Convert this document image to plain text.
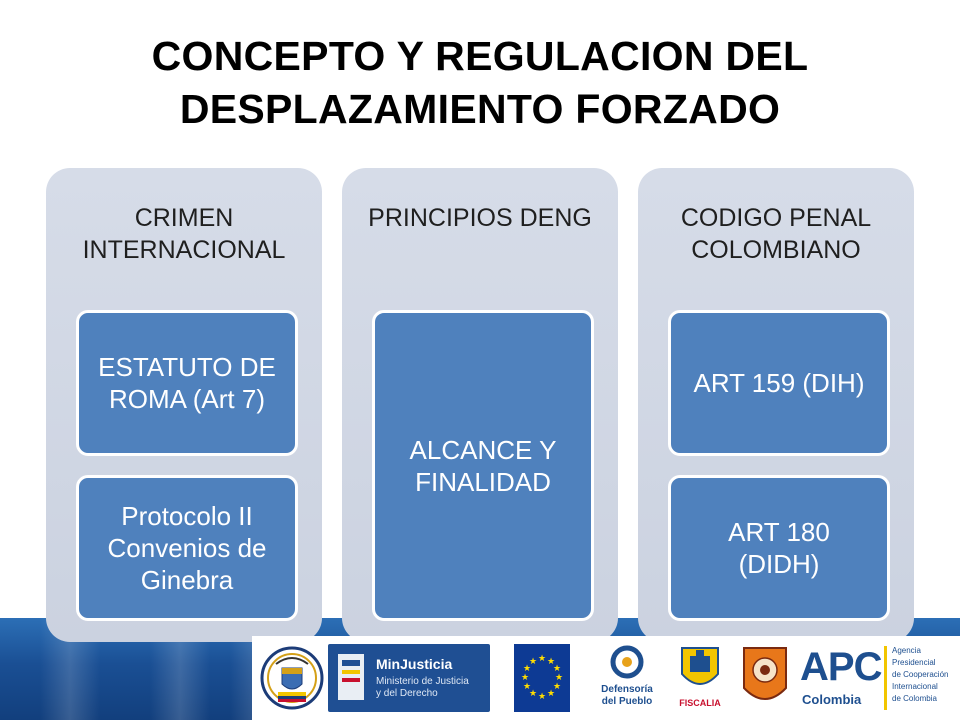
CONCEPTO Y REGULACION DEL
DESPLAZAMIENTO FORZADO
CRIMEN INTERNACIONAL
ESTATUTO DE ROMA (Art 7)
Protocolo II Convenios de Ginebra
PRINCIPIOS DENG
ALCANCE Y FINALIDAD
CODIGO PENAL COLOMBIANO
ART 159 (DIH)
ART 180 (DIDH)
MinJusticia
Ministerio de Justicia
y del Derecho
★ ★
★
★
★
★
★
★
★
★
★
★
Defensoría
del Pueblo	FISCALIA
APC
Colombia
Agencia
Presidencial
de Cooperación
Internacional
de Colombia
